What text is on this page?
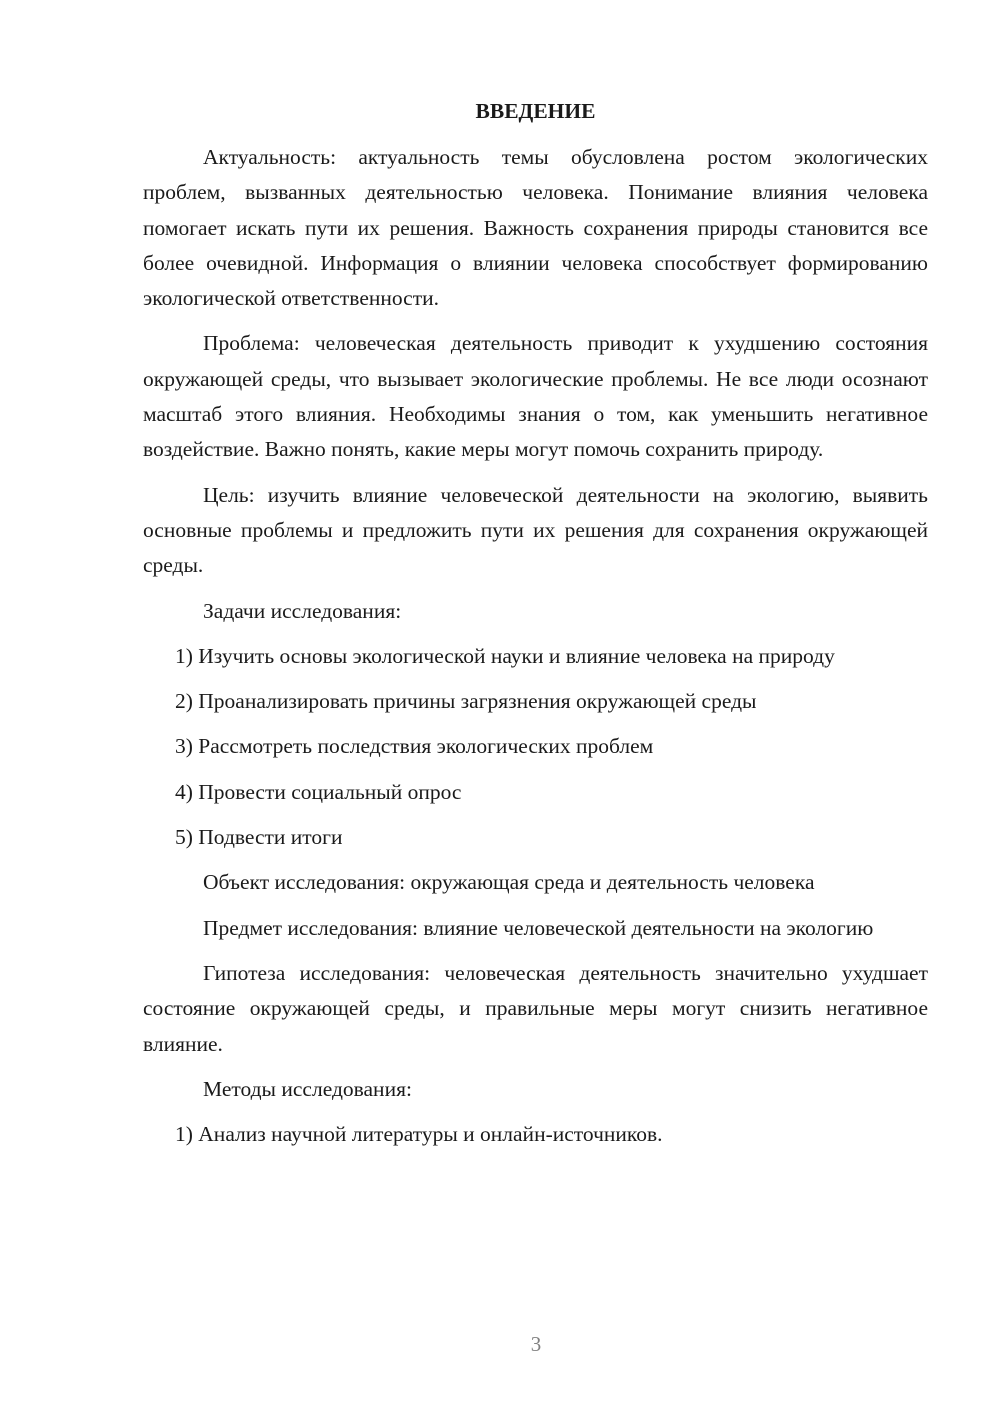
ВВЕДЕНИЕ

Актуальность: актуальность темы обусловлена ростом экологических проблем, вызванных деятельностью человека. Понимание влияния человека помогает искать пути их решения. Важность сохранения природы становится все более очевидной. Информация о влиянии человека способствует формированию экологической ответственности.

Проблема: человеческая деятельность приводит к ухудшению состояния окружающей среды, что вызывает экологические проблемы. Не все люди осознают масштаб этого влияния. Необходимы знания о том, как уменьшить негативное воздействие. Важно понять, какие меры могут помочь сохранить природу.

Цель: изучить влияние человеческой деятельности на экологию, выявить основные проблемы и предложить пути их решения для сохранения окружающей среды.

Задачи исследования:

1) Изучить основы экологической науки и влияние человека на природу

2) Проанализировать причины загрязнения окружающей среды

3) Рассмотреть последствия экологических проблем

4) Провести социальный опрос

5) Подвести итоги

Объект исследования: окружающая среда и деятельность человека

Предмет исследования: влияние человеческой деятельности на экологию

Гипотеза исследования: человеческая деятельность значительно ухудшает состояние окружающей среды, и правильные меры могут снизить негативное влияние.

Методы исследования:

1) Анализ научной литературы и онлайн-источников.

3
